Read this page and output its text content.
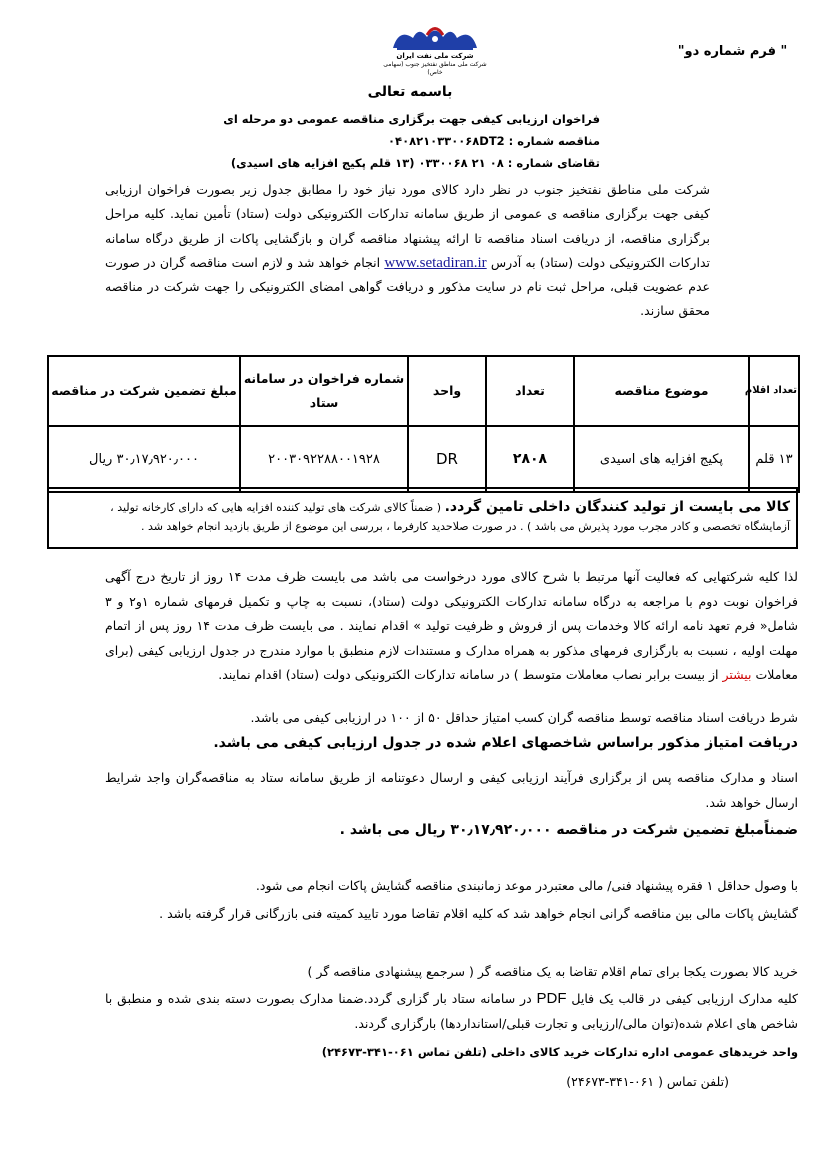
" فرم شماره دو"
شرکت ملی نفت ایران
شرکت ملی مناطق نفتخیز جنوب (سهامی خاص)
باسمه تعالی
فراخوان ارزیابی کیفی جهت برگزاری مناقصه عمومی دو مرحله ای
مناقصه شماره : ۰۴۰۸۲۱۰۳۳۰۰۶۸DT2
تقاضای شماره : ۰۸ ۲۱ ۰۳۳۰۰۶۸ (۱۳ قلم پکیج افزایه های اسیدی)
شرکت ملی مناطق نفتخیز جنوب در نظر دارد کالای مورد نیاز خود را مطابق جدول زیر بصورت فراخوان ارزیابی کیفی جهت برگزاری مناقصه ی عمومی از طریق سامانه تدارکات الکترونیکی دولت (ستاد) تأمین نماید. کلیه مراحل برگزاری مناقصه، از دریافت اسناد مناقصه تا ارائه پیشنهاد مناقصه گران و بازگشایی پاکات از طریق درگاه سامانه تدارکات الکترونیکی دولت (ستاد) به آدرس www.setadiran.ir انجام خواهد شد و لازم است مناقصه گران در صورت عدم عضویت قبلی، مراحل ثبت نام در سایت مذکور و دریافت گواهی امضای الکترونیکی را جهت شرکت در مناقصه محقق سازند.
تعداد اقلام	موضوع مناقصه	تعداد	واحد	شماره فراخوان در سامانه ستاد	مبلغ تضمین شرکت در مناقصه
۱۳ قلم	پکیج افزایه های اسیدی	۲۸۰۸	DR	۲۰۰۳۰۹۲۲۸۸۰۰۱۹۲۸	۳۰٫۱۷٫۹۲۰٫۰۰۰ ریال
کالا می بایست از تولید کنندگان داخلی تامین گردد. ( ضمناً کالای شرکت های تولید کننده افزایه هایی که دارای کارخانه تولید ،
آزمایشگاه تخصصی و کادر مجرب مورد پذیرش می باشد ) . در صورت صلاحدید کارفرما ، بررسی این موضوع از طریق بازدید انجام خواهد شد .
لذا کلیه شرکتهایی که فعالیت آنها مرتبط با شرح کالای مورد درخواست می باشد می بایست ظرف مدت ۱۴ روز از تاریخ درج آگهی فراخوان نوبت دوم با مراجعه به درگاه سامانه تدارکات الکترونیکی دولت (ستاد)، نسبت به چاپ و تکمیل فرمهای شماره ۱و۲ و ۳ شامل« فرم تعهد نامه ارائه کالا وخدمات پس از فروش و ظرفیت تولید » اقدام نمایند . می بایست ظرف مدت ۱۴ روز پس از اتمام مهلت اولیه ، نسبت به بارگزاری فرمهای مذکور به همراه مدارک و مستندات لازم منطبق با موارد مندرج در جدول ارزیابی کیفی (برای معاملات بیشتر از بیست برابر نصاب معاملات متوسط ) در سامانه تدارکات الکترونیکی دولت (ستاد) اقدام نمایند.
شرط دریافت اسناد مناقصه توسط مناقصه گران کسب امتیاز حداقل ۵۰ از ۱۰۰ در ارزیابی کیفی می باشد.
دریافت امتیاز مذکور براساس شاخصهای اعلام شده در جدول ارزیابی کیفی می باشد.
اسناد و مدارک مناقصه پس از برگزاری فرآیند ارزیابی کیفی و ارسال دعوتنامه از طریق سامانه ستاد به مناقصه‌گران واجد شرایط ارسال خواهد شد.
ضمناًمبلغ تضمین شرکت در مناقصه ۳۰٫۱۷٫۹۲۰٫۰۰۰ ریال می باشد .
با وصول حداقل ۱ فقره پیشنهاد فنی/ مالی معتبردر موعد زمانبندی مناقصه گشایش پاکات انجام می شود.
گشایش پاکات مالی بین مناقصه گرانی انجام خواهد شد که کلیه اقلام تقاضا مورد تایید کمیته فنی بازرگانی قرار گرفته باشد .
خرید کالا بصورت یکجا برای تمام اقلام تقاضا به یک مناقصه گر ( سرجمع پیشنهادی مناقصه گر )
کلیه مدارک ارزیابی کیفی در قالب یک فایل PDF در سامانه ستاد بار گزاری گردد.ضمنا مدارک بصورت دسته بندی شده و منطبق با شاخص های اعلام شده(توان مالی/ارزیابی و تجارت قبلی/استانداردها) بارگزاری گردند.
واحد خریدهای عمومی اداره تدارکات خرید کالای داخلی (تلفن تماس ۰۶۱-۳۴۱-۲۴۶۷۳)
(تلفن تماس ( ۰۶۱-۳۴۱-۲۴۶۷۳)
